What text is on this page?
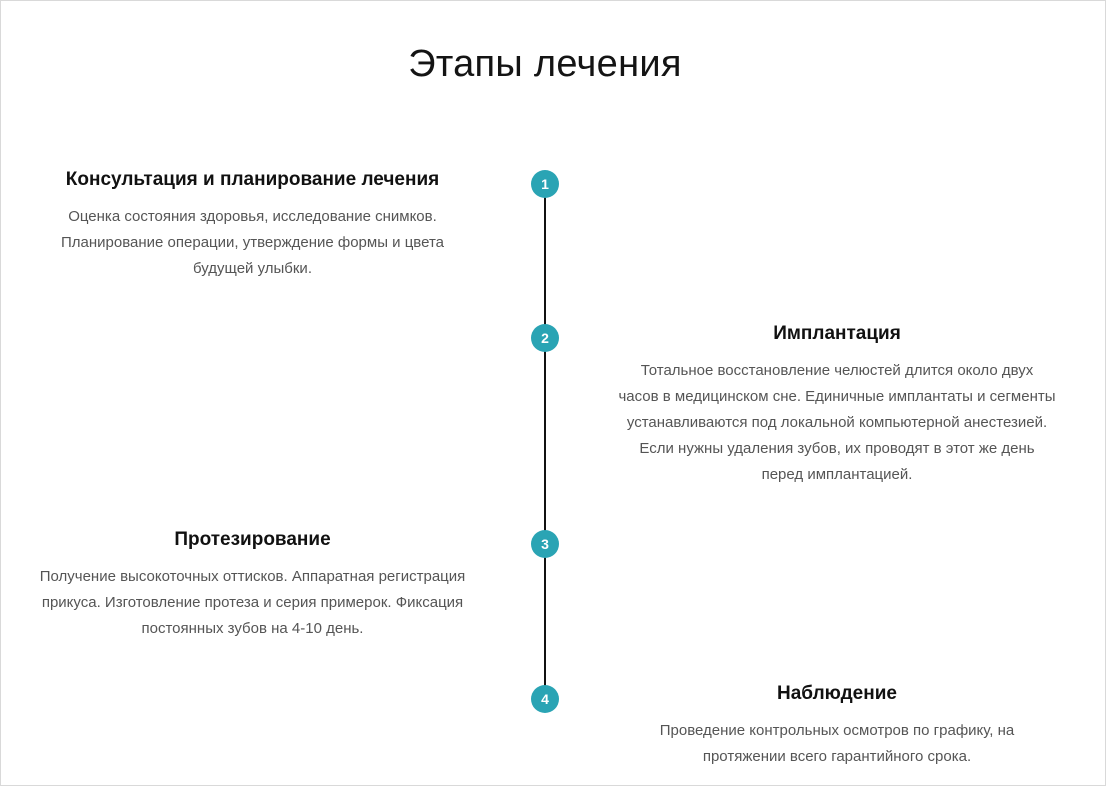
Этапы лечения
1
Консультация и планирование лечения

Оценка состояния здоровья, исследование снимков.
Планирование операции, утверждение формы и цвета
будущей улыбки.

2	Имплантация

Тотальное восстановление челюстей длится около двух
часов в медицинском сне. Единичные имплантаты и сегменты
устанавливаются под локальной компьютерной анестезией.
Если нужны удаления зубов, их проводят в этот же день
перед имплантацией.

3
Протезирование

Получение высокоточных оттисков. Аппаратная регистрация
прикуса. Изготовление протеза и серия примерок. Фиксация
постоянных зубов на 4-10 день.

4	Наблюдение

Проведение контрольных осмотров по графику, на
протяжении всего гарантийного срока.
